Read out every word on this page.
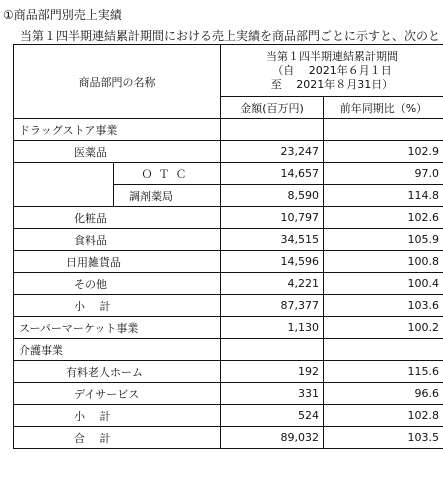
①商品部門別売上実績
当第１四半期連結累計期間における売上実績を商品部門ごとに示すと、次のと
商品部門の名称		当第１四半期連結累計期間
（自　 2021年６月１日
至　 2021年８月31日）	

		金額(百万円)	前年同期比（%）
ドラッグストア事業			
医薬品		23,247	102.9
	ＯＴＣ	14,657	97.0
	調剤薬局	8,590	114.8
化粧品		10,797	102.6
食料品		34,515	105.9
日用雑貨品		14,596	100.8
その他		4,221	100.4
小　 計		87,377	103.6
スーパーマーケット事業		1,130	100.2
介護事業			
有料老人ホーム		192	115.6
デイサービス		331	96.6
小　 計		524	102.8
合　 計		89,032	103.5
